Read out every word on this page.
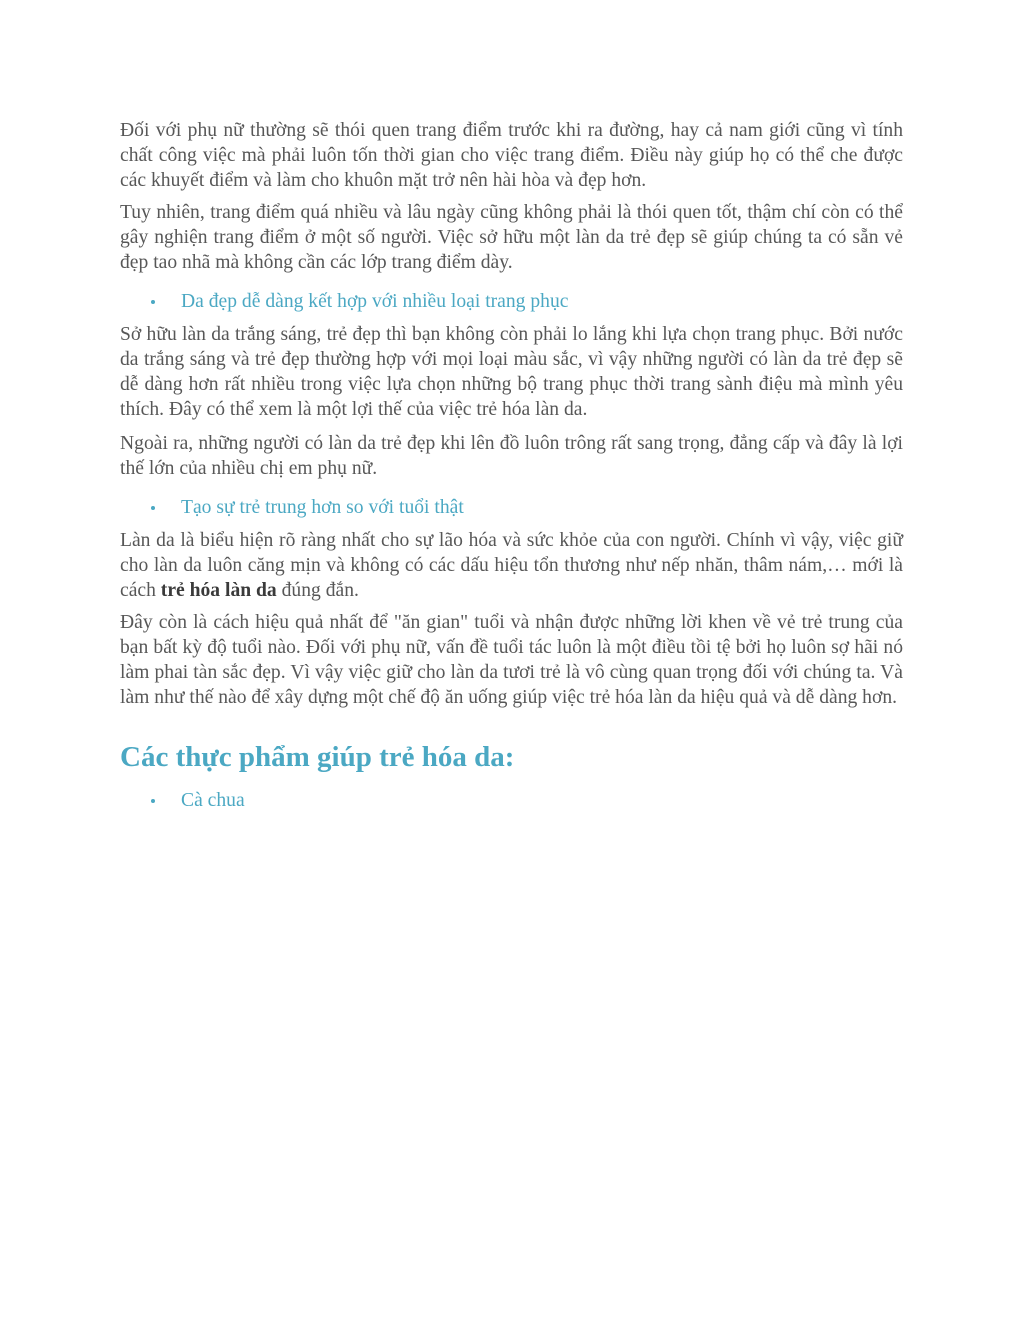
Đối với phụ nữ thường sẽ thói quen trang điểm trước khi ra đường, hay cả nam giới cũng vì tính chất công việc mà phải luôn tốn thời gian cho việc trang điểm. Điều này giúp họ có thể che được các khuyết điểm và làm cho khuôn mặt trở nên hài hòa và đẹp hơn.

Tuy nhiên, trang điểm quá nhiều và lâu ngày cũng không phải là thói quen tốt, thậm chí còn có thể gây nghiện trang điểm ở một số người. Việc sở hữu một làn da trẻ đẹp sẽ giúp chúng ta có sẵn vẻ đẹp tao nhã mà không cần các lớp trang điểm dày.

Da đẹp dễ dàng kết hợp với nhiều loại trang phục

Sở hữu làn da trắng sáng, trẻ đẹp thì bạn không còn phải lo lắng khi lựa chọn trang phục. Bởi nước da trắng sáng và trẻ đẹp thường hợp với mọi loại màu sắc, vì vậy những người có làn da trẻ đẹp sẽ dễ dàng hơn rất nhiều trong việc lựa chọn những bộ trang phục thời trang sành điệu mà mình yêu thích. Đây có thể xem là một lợi thế của việc trẻ hóa làn da.

Ngoài ra, những người có làn da trẻ đẹp khi lên đồ luôn trông rất sang trọng, đẳng cấp và đây là lợi thế lớn của nhiều chị em phụ nữ.

Tạo sự trẻ trung hơn so với tuổi thật

Làn da là biểu hiện rõ ràng nhất cho sự lão hóa và sức khỏe của con người. Chính vì vậy, việc giữ cho làn da luôn căng mịn và không có các dấu hiệu tổn thương như nếp nhăn, thâm nám,… mới là cách trẻ hóa làn da đúng đắn.

Đây còn là cách hiệu quả nhất để "ăn gian" tuổi và nhận được những lời khen về vẻ trẻ trung của bạn bất kỳ độ tuổi nào. Đối với phụ nữ, vấn đề tuổi tác luôn là một điều tồi tệ bởi họ luôn sợ hãi nó làm phai tàn sắc đẹp. Vì vậy việc giữ cho làn da tươi trẻ là vô cùng quan trọng đối với chúng ta. Và làm như thế nào để xây dựng một chế độ ăn uống giúp việc trẻ hóa làn da hiệu quả và dễ dàng hơn.

Các thực phẩm giúp trẻ hóa da:
Cà chua
